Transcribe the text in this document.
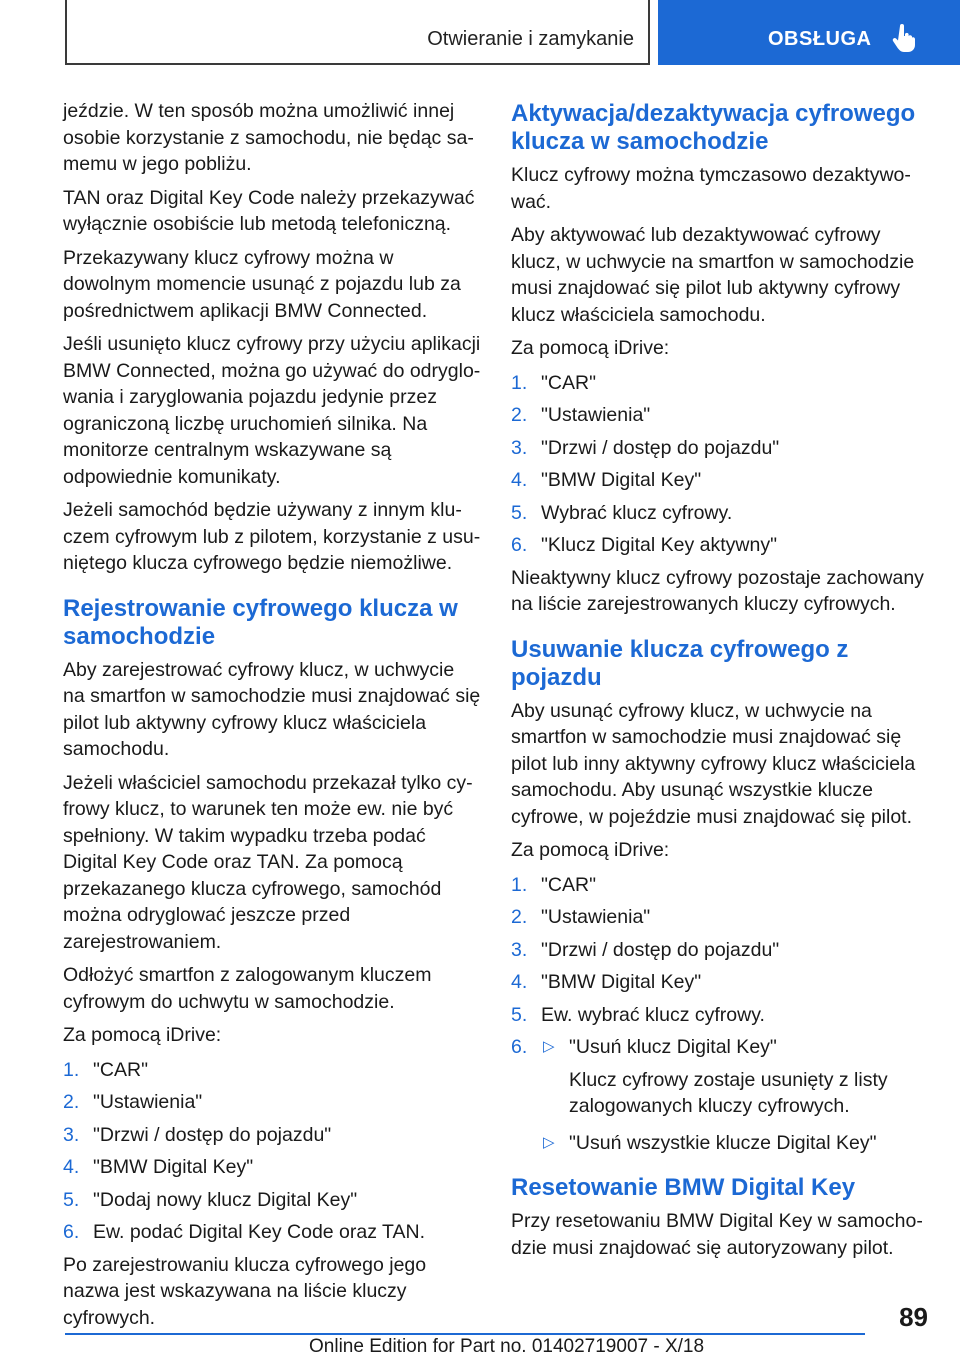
Otwieranie i zamykanie	OBSŁUGA

jeździe. W ten sposób można umożliwić innej osobie korzystanie z samochodu, nie będąc samemu w jego pobliżu.

TAN oraz Digital Key Code należy przekazywać wyłącznie osobiście lub metodą telefoniczną.

Przekazywany klucz cyfrowy można w dowolnym momencie usunąć z pojazdu lub za pośrednictwem aplikacji BMW Connected.

Jeśli usunięto klucz cyfrowy przy użyciu aplikacji BMW Connected, można go używać do odryglowania i zaryglowania pojazdu jedynie przez ograniczoną liczbę uruchomień silnika. Na monitorze centralnym wskazywane są odpowiednie komunikaty.

Jeżeli samochód będzie używany z innym kluczem cyfrowym lub z pilotem, korzystanie z usuniętego klucza cyfrowego będzie niemożliwe.

Rejestrowanie cyfrowego klucza w samochodzie

Aby zarejestrować cyfrowy klucz, w uchwycie na smartfon w samochodzie musi znajdować się pilot lub aktywny cyfrowy klucz właściciela samochodu.

Jeżeli właściciel samochodu przekazał tylko cyfrowy klucz, to warunek ten może ew. nie być spełniony. W takim wypadku trzeba podać Digital Key Code oraz TAN. Za pomocą przekazanego klucza cyfrowego, samochód można odryglować jeszcze przed zarejestrowaniem.

Odłożyć smartfon z zalogowanym kluczem cyfrowym do uchwytu w samochodzie.

Za pomocą iDrive:

1. "CAR"
2. "Ustawienia"
3. "Drzwi / dostęp do pojazdu"
4. "BMW Digital Key"
5. "Dodaj nowy klucz Digital Key"
6. Ew. podać Digital Key Code oraz TAN.

Po zarejestrowaniu klucza cyfrowego jego nazwa jest wskazywana na liście kluczy cyfrowych.

Aktywacja/dezaktywacja cyfrowego klucza w samochodzie

Klucz cyfrowy można tymczasowo dezaktywować.

Aby aktywować lub dezaktywować cyfrowy klucz, w uchwycie na smartfon w samochodzie musi znajdować się pilot lub aktywny cyfrowy klucz właściciela samochodu.

Za pomocą iDrive:

1. "CAR"
2. "Ustawienia"
3. "Drzwi / dostęp do pojazdu"
4. "BMW Digital Key"
5. Wybrać klucz cyfrowy.
6. "Klucz Digital Key aktywny"

Nieaktywny klucz cyfrowy pozostaje zachowany na liście zarejestrowanych kluczy cyfrowych.

Usuwanie klucza cyfrowego z pojazdu

Aby usunąć cyfrowy klucz, w uchwycie na smartfon w samochodzie musi znajdować się pilot lub inny aktywny cyfrowy klucz właściciela samochodu. Aby usunąć wszystkie klucze cyfrowe, w pojeździe musi znajdować się pilot.

Za pomocą iDrive:

1. "CAR"
2. "Ustawienia"
3. "Drzwi / dostęp do pojazdu"
4. "BMW Digital Key"
5. Ew. wybrać klucz cyfrowy.
6. ▷ "Usuń klucz Digital Key"
Klucz cyfrowy zostaje usunięty z listy zalogowanych kluczy cyfrowych.
▷ "Usuń wszystkie klucze Digital Key"
Resetowanie BMW Digital Key

Przy resetowaniu BMW Digital Key w samochodzie musi znajdować się autoryzowany pilot.

89
Online Edition for Part no. 01402719007 - X/18
